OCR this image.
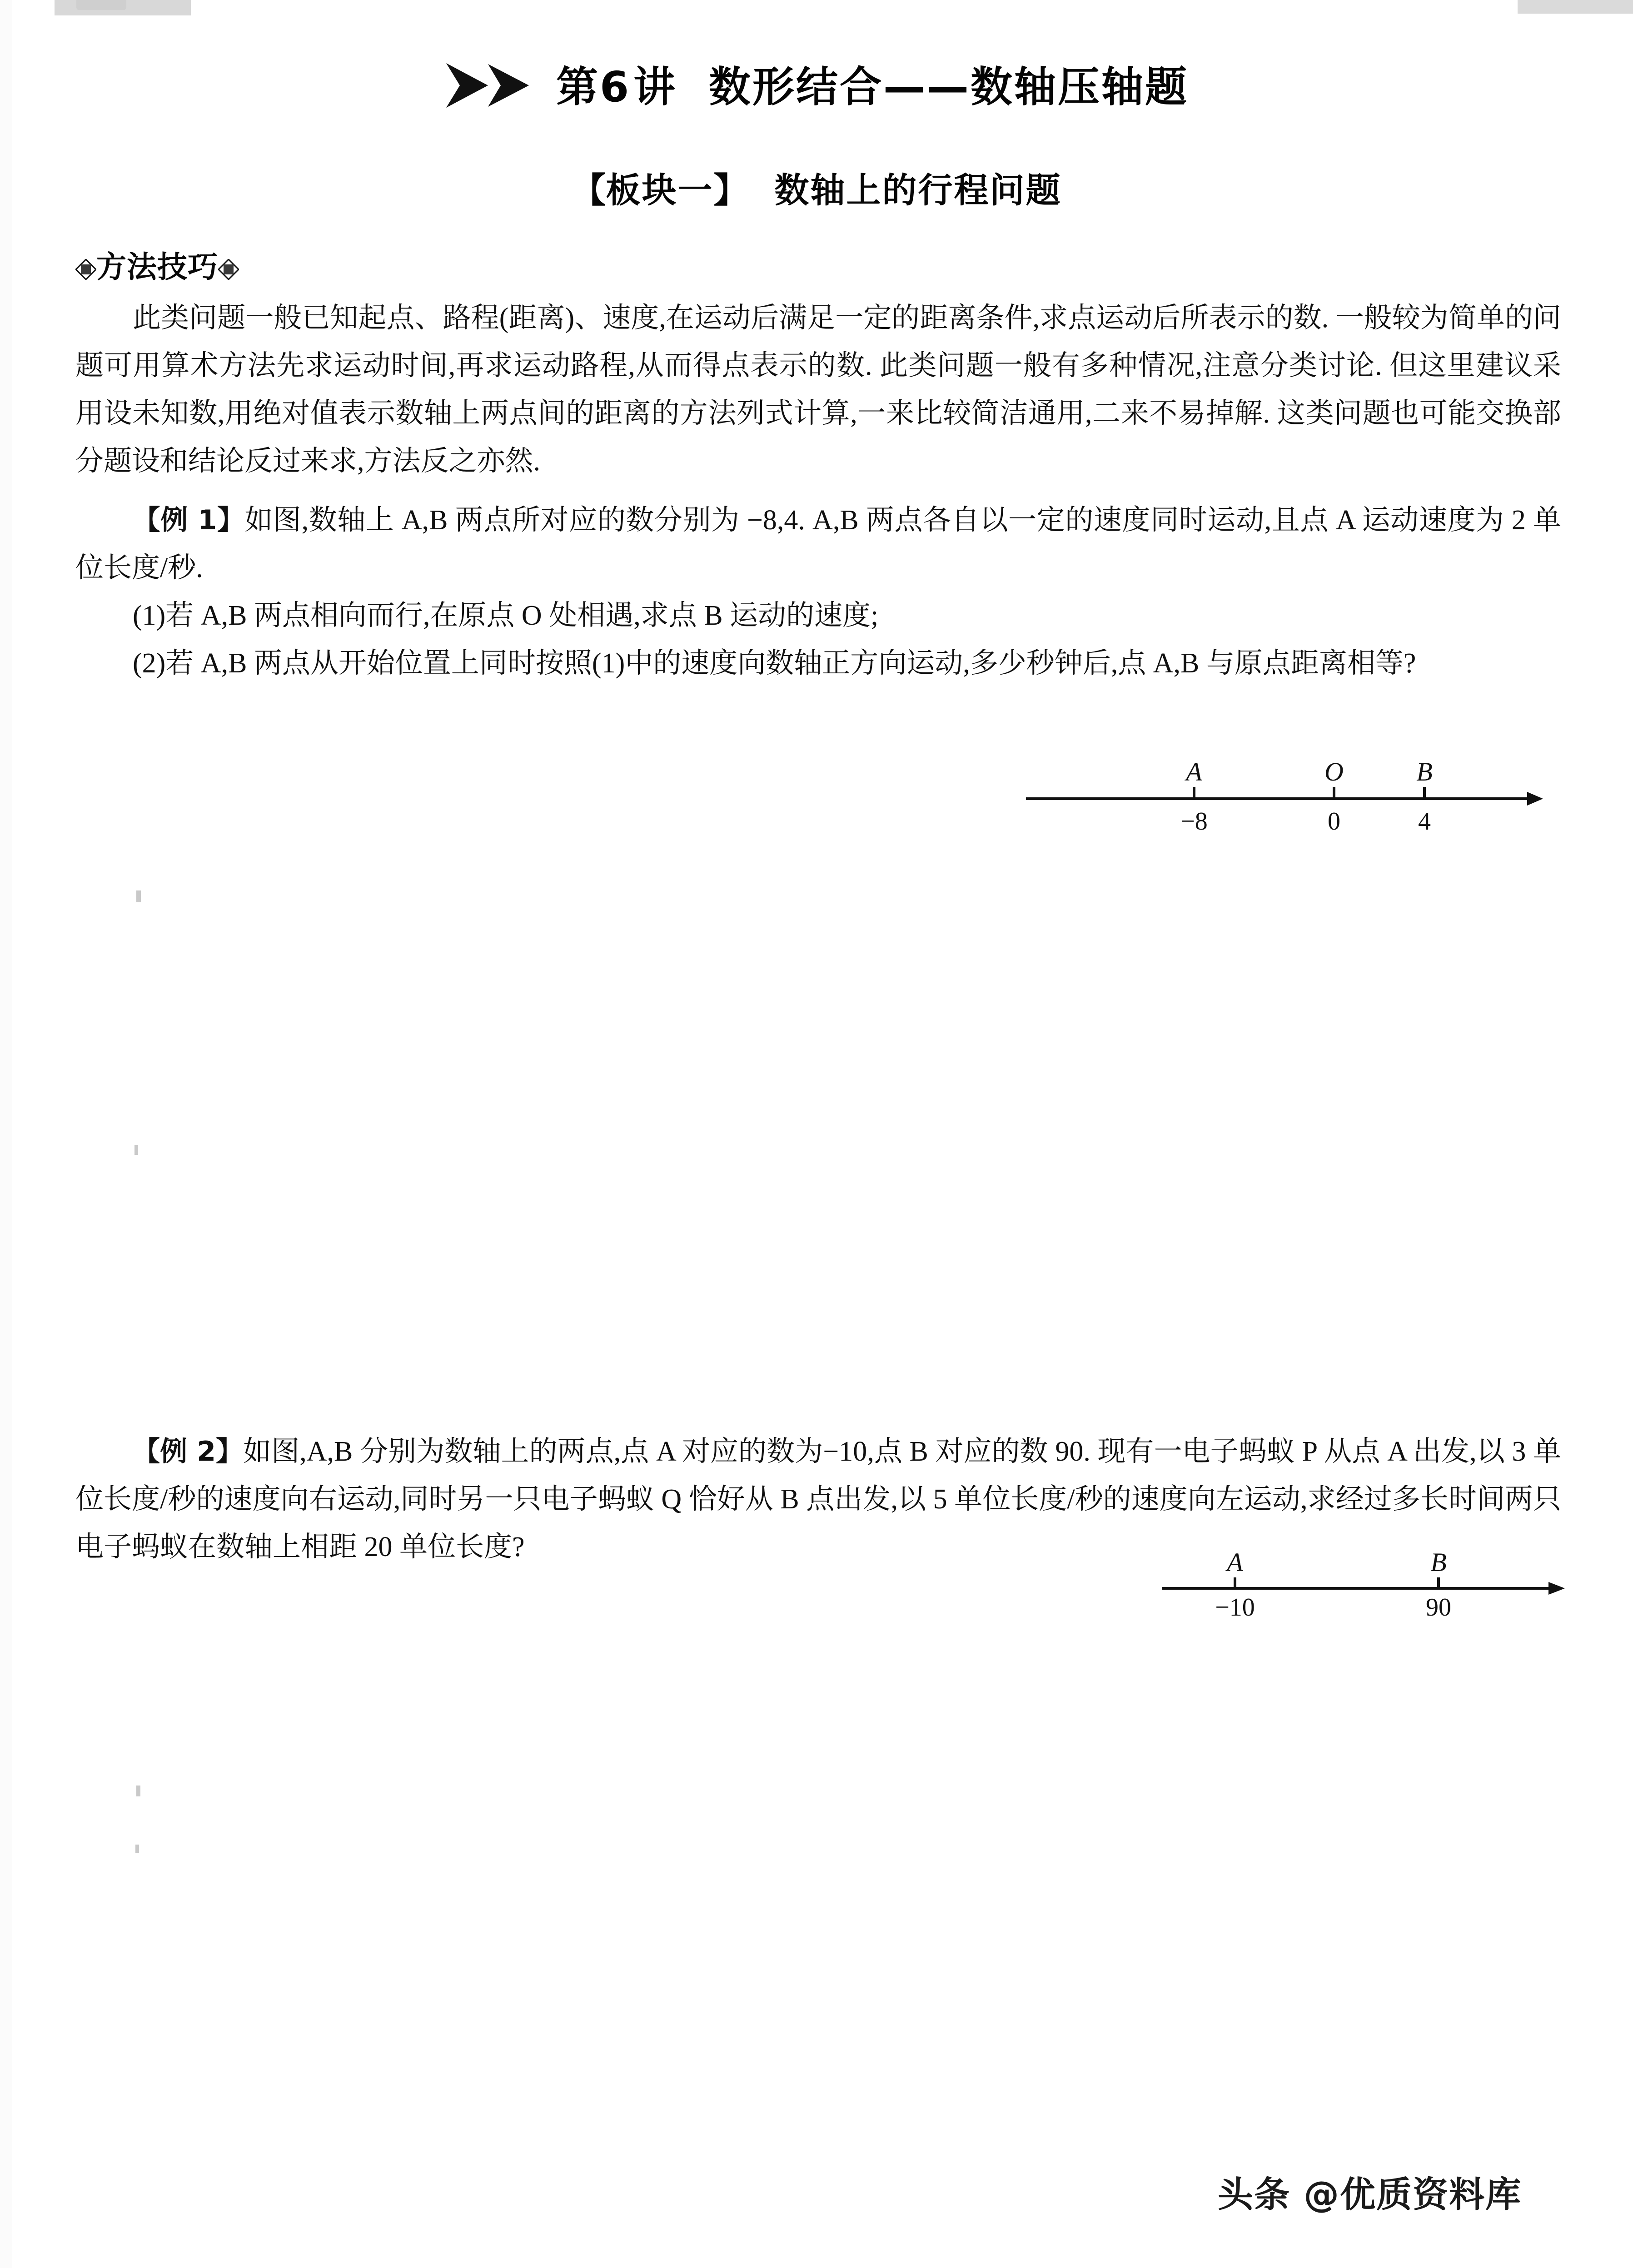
第6讲 数形结合——数轴压轴题
【板块一】 数轴上的行程问题
方法技巧
此类问题一般已知起点、路程(距离)、速度,在运动后满足一定的距离条件,求点运动后所表示的数. 一般较为简单的问题可用算术方法先求运动时间,再求运动路程,从而得点表示的数. 此类问题一般有多种情况,注意分类讨论. 但这里建议采用设未知数,用绝对值表示数轴上两点间的距离的方法列式计算,一来比较简洁通用,二来不易掉解. 这类问题也可能交换部分题设和结论反过来求,方法反之亦然.
【例 1】如图,数轴上 A,B 两点所对应的数分别为 −8,4. A,B 两点各自以一定的速度同时运动,且点 A 运动速度为 2 单位长度/秒.
(1)若 A,B 两点相向而行,在原点 O 处相遇,求点 B 运动的速度;
(2)若 A,B 两点从开始位置上同时按照(1)中的速度向数轴正方向运动,多少秒钟后,点 A,B 与原点距离相等?
A	O	B
−8	0	4
【例 2】如图,A,B 分别为数轴上的两点,点 A 对应的数为−10,点 B 对应的数 90. 现有一电子蚂蚁 P 从点 A 出发,以 3 单位长度/秒的速度向右运动,同时另一只电子蚂蚁 Q 恰好从 B 点出发,以 5 单位长度/秒的速度向左运动,求经过多长时间两只电子蚂蚁在数轴上相距 20 单位长度?	A	B
−10	90
头条 @优质资料库
